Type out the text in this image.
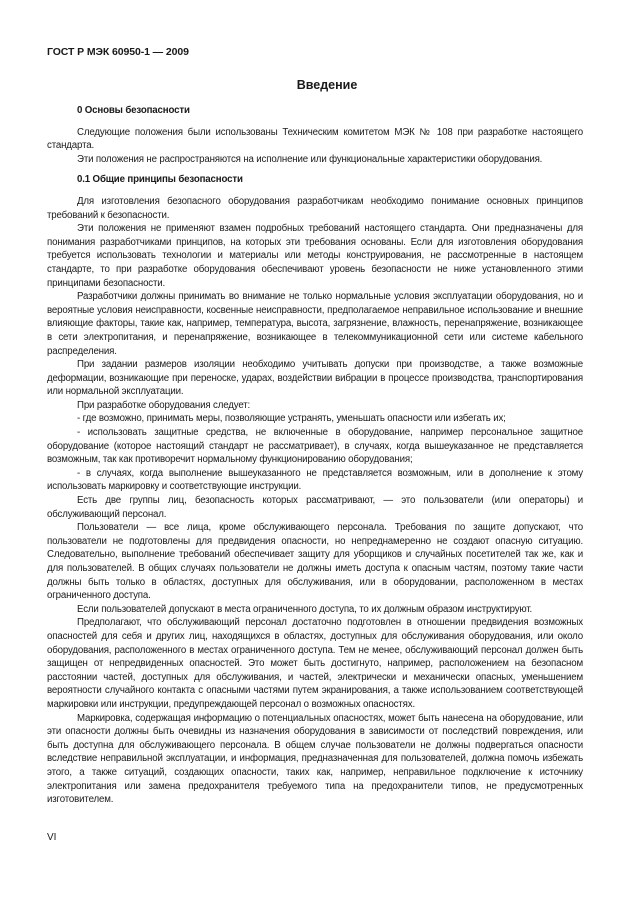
ГОСТ Р МЭК 60950-1 — 2009
Введение
0 Основы безопасности

Следующие положения были использованы Техническим комитетом МЭК № 108 при разработке настоящего стандарта.

Эти положения не распространяются на исполнение или функциональные характеристики оборудования.

0.1 Общие принципы безопасности

Для изготовления безопасного оборудования разработчикам необходимо понимание основных принципов требований к безопасности.

Эти положения не применяют взамен подробных требований настоящего стандарта. Они предназначены для понимания разработчиками принципов, на которых эти требования основаны. Если для изготовления оборудования требуется использовать технологии и материалы или методы конструирования, не рассмотренные в настоящем стандарте, то при разработке оборудования обеспечивают уровень безопасности не ниже установленного этими принципами безопасности.

Разработчики должны принимать во внимание не только нормальные условия эксплуатации оборудования, но и вероятные условия неисправности, косвенные неисправности, предполагаемое неправильное использование и внешние влияющие факторы, такие как, например, температура, высота, загрязнение, влажность, перенапряжение, возникающее в сети электропитания, и перенапряжение, возникающее в телекоммуникационной сети или системе кабельного распределения.

При задании размеров изоляции необходимо учитывать допуски при производстве, а также возможные деформации, возникающие при переноске, ударах, воздействии вибрации в процессе производства, транспортирования или нормальной эксплуатации.

При разработке оборудования следует:

- где возможно, принимать меры, позволяющие устранять, уменьшать опасности или избегать их;

- использовать защитные средства, не включенные в оборудование, например персональное защитное оборудование (которое настоящий стандарт не рассматривает), в случаях, когда вышеуказанное не представляется возможным, так как противоречит нормальному функционированию оборудования;

- в случаях, когда выполнение вышеуказанного не представляется возможным, или в дополнение к этому использовать маркировку и соответствующие инструкции.

Есть две группы лиц, безопасность которых рассматривают, — это пользователи (или операторы) и обслуживающий персонал.

Пользователи — все лица, кроме обслуживающего персонала. Требования по защите допускают, что пользователи не подготовлены для предвидения опасности, но непреднамеренно не создают опасную ситуацию. Следовательно, выполнение требований обеспечивает защиту для уборщиков и случайных посетителей так же, как и для пользователей. В общих случаях пользователи не должны иметь доступа к опасным частям, поэтому такие части должны быть только в областях, доступных для обслуживания, или в оборудовании, расположенном в местах ограниченного доступа.

Если пользователей допускают в места ограниченного доступа, то их должным образом инструктируют.

Предполагают, что обслуживающий персонал достаточно подготовлен в отношении предвидения возможных опасностей для себя и других лиц, находящихся в областях, доступных для обслуживания оборудования, или около оборудования, расположенного в местах ограниченного доступа. Тем не менее, обслуживающий персонал должен быть защищен от непредвиденных опасностей. Это может быть достигнуто, например, расположением на безопасном расстоянии частей, доступных для обслуживания, и частей, электрически и механически опасных, уменьшением вероятности случайного контакта с опасными частями путем экранирования, а также использованием соответствующей маркировки или инструкции, предупреждающей персонал о возможных опасностях.

Маркировка, содержащая информацию о потенциальных опасностях, может быть нанесена на оборудование, или эти опасности должны быть очевидны из назначения оборудования в зависимости от последствий повреждения, или быть доступна для обслуживающего персонала. В общем случае пользователи не должны подвергаться опасности вследствие неправильной эксплуатации, и информация, предназначенная для пользователей, должна помочь избежать этого, а также ситуаций, создающих опасности, таких как, например, неправильное подключение к источнику электропитания или замена предохранителя требуемого типа на предохранители типов, не предусмотренных изготовителем.

VI
